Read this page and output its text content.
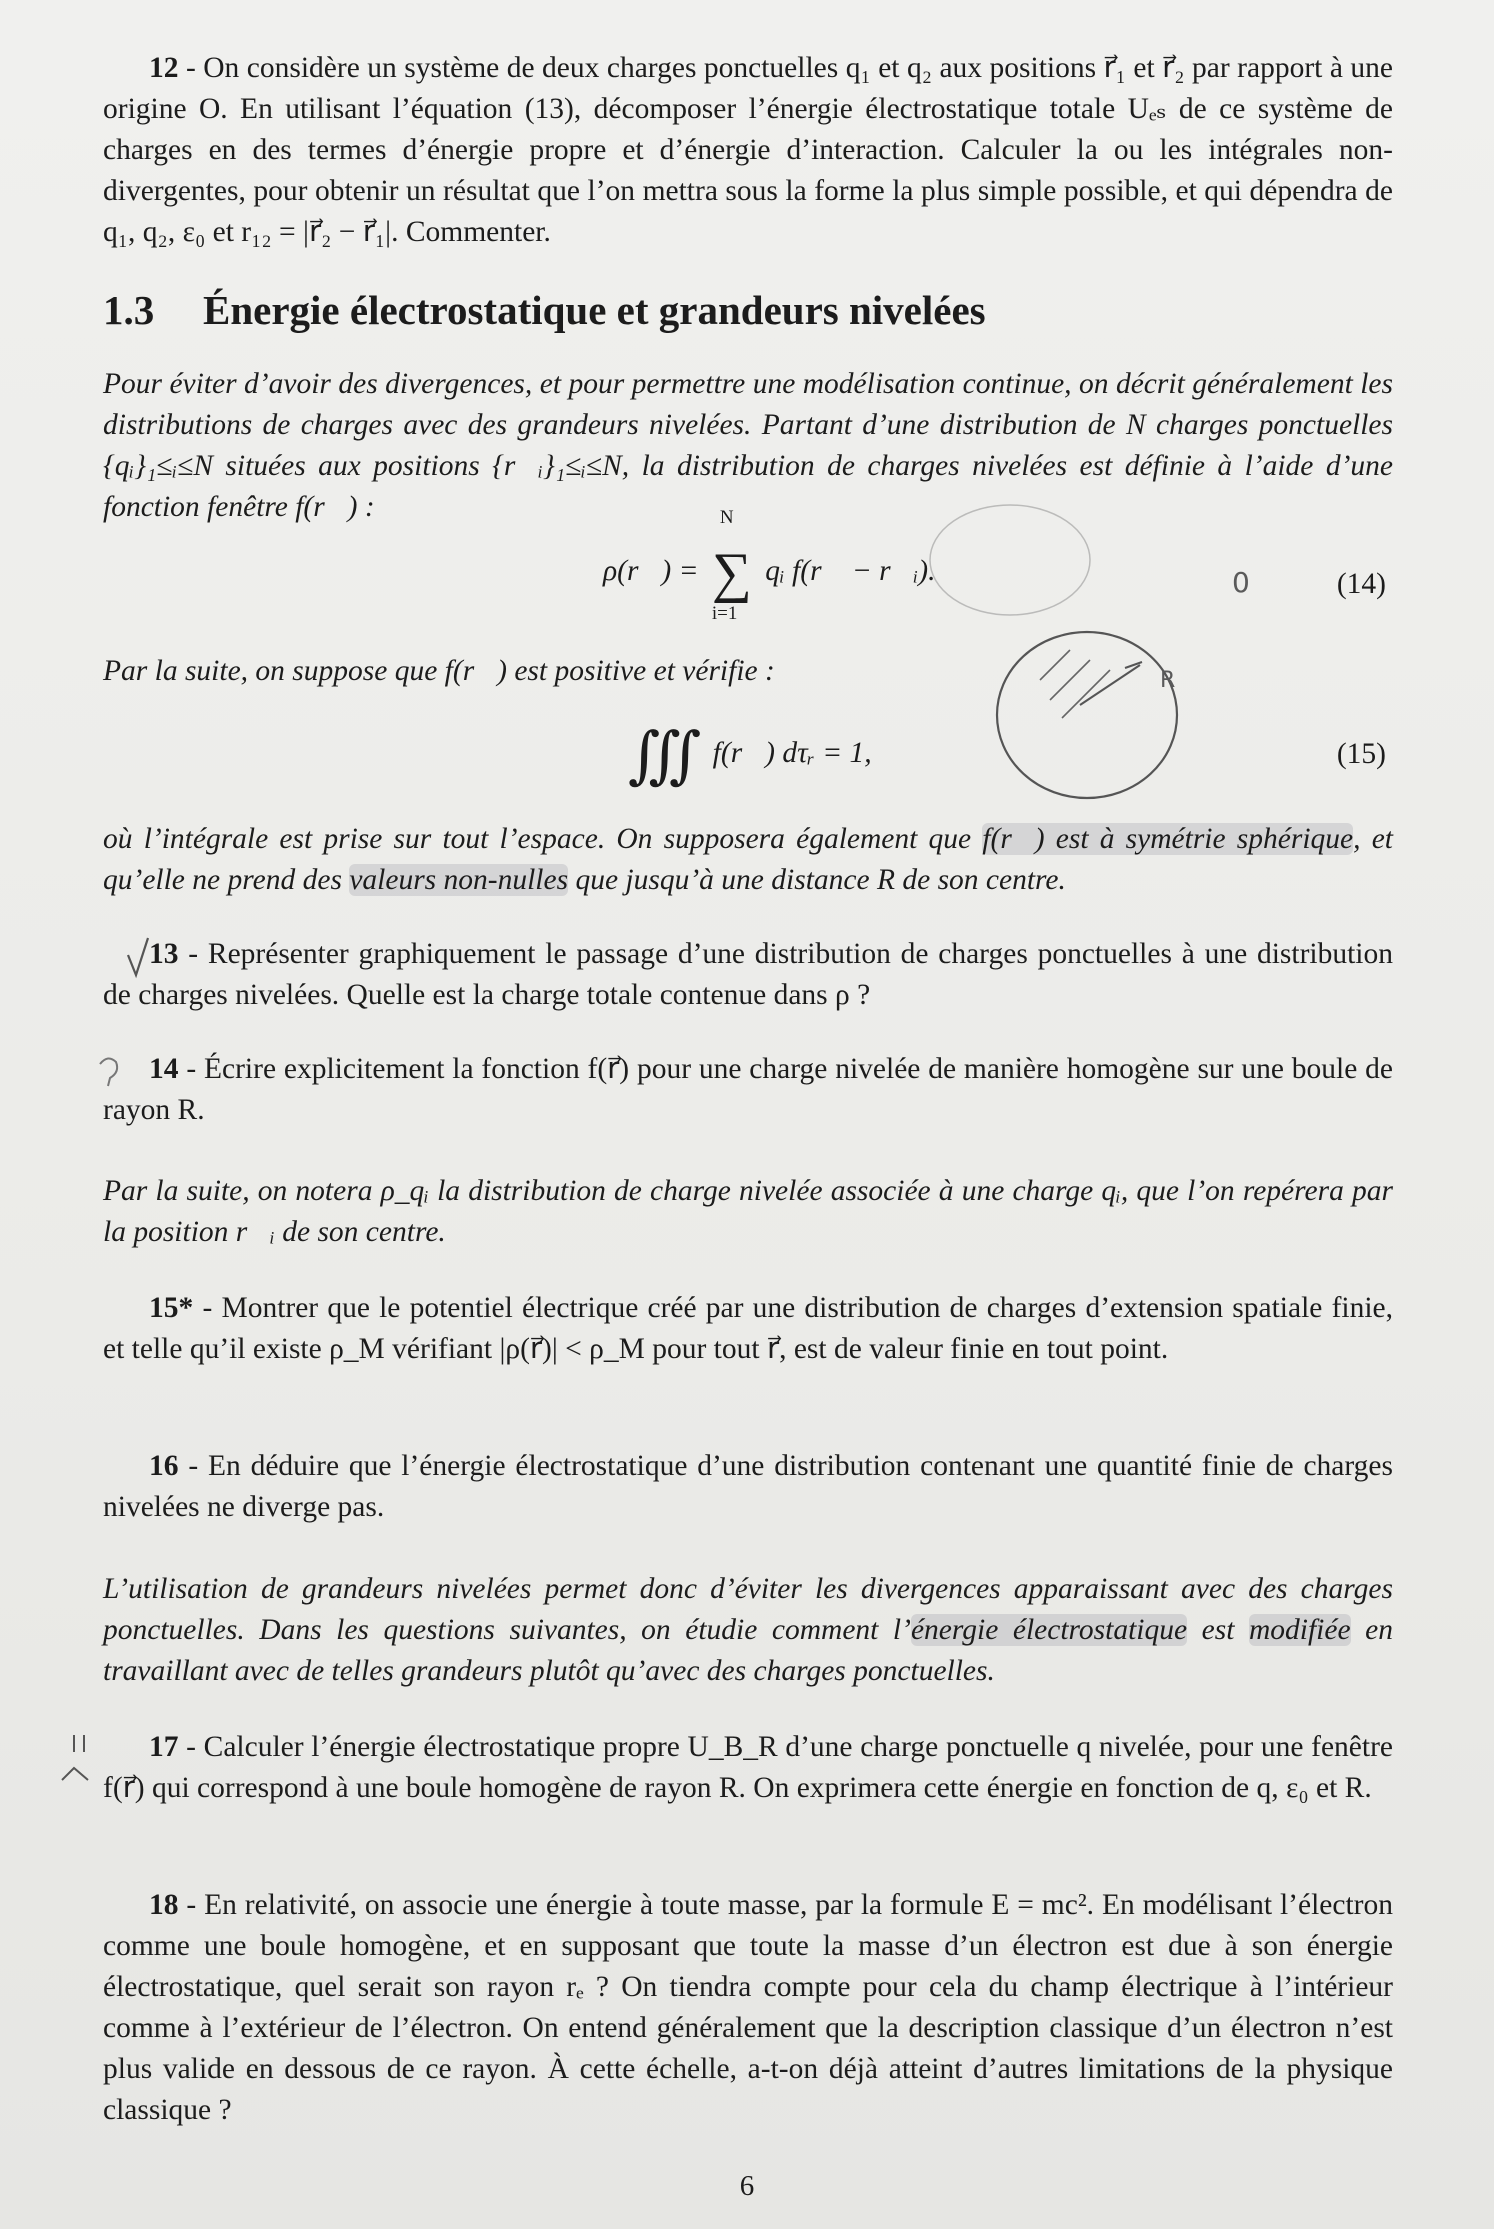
12 - On considère un système de deux charges ponctuelles q₁ et q₂ aux positions r⃗₁ et r⃗₂ par rapport à une origine O. En utilisant l’équation (13), décomposer l’énergie électrostatique totale Uₑₛ de ce système de charges en des termes d’énergie propre et d’énergie d’interaction. Calculer la ou les intégrales non-divergentes, pour obtenir un résultat que l’on mettra sous la forme la plus simple possible, et qui dépendra de q₁, q₂, ε₀ et r₁₂ = |r⃗₂ − r⃗₁|. Commenter.

1.3 Énergie électrostatique et grandeurs nivelées

Pour éviter d’avoir des divergences, et pour permettre une modélisation continue, on décrit généralement les distributions de charges avec des grandeurs nivelées. Partant d’une distribution de N charges ponctuelles {qᵢ}₁≤ᵢ≤N situées aux positions {r⃗ᵢ}₁≤ᵢ≤N, la distribution de charges nivelées est définie à l’aide d’une fonction fenêtre f(r⃗) :

ρ(r⃗) =
N
∑
i=1
qᵢ f(r⃗ − r⃗ᵢ).	(14)

Par la suite, on suppose que f(r⃗) est positive et vérifie :

∭ f(r⃗) dτᵣ = 1,	(15)

où l’intégrale est prise sur tout l’espace. On supposera également que f(r⃗) est à symétrie sphérique, et qu’elle ne prend des valeurs non-nulles que jusqu’à une distance R de son centre.

13 - Représenter graphiquement le passage d’une distribution de charges ponctuelles à une distribution de charges nivelées. Quelle est la charge totale contenue dans ρ ?

14 - Écrire explicitement la fonction f(r⃗) pour une charge nivelée de manière homogène sur une boule de rayon R.

Par la suite, on notera ρ_qᵢ la distribution de charge nivelée associée à une charge qᵢ, que l’on repérera par la position r⃗ᵢ de son centre.

15* - Montrer que le potentiel électrique créé par une distribution de charges d’extension spatiale finie, et telle qu’il existe ρ_M vérifiant |ρ(r⃗)| < ρ_M pour tout r⃗, est de valeur finie en tout point.

16 - En déduire que l’énergie électrostatique d’une distribution contenant une quantité finie de charges nivelées ne diverge pas.

L’utilisation de grandeurs nivelées permet donc d’éviter les divergences apparaissant avec des charges ponctuelles. Dans les questions suivantes, on étudie comment l’énergie électrostatique est modifiée en travaillant avec de telles grandeurs plutôt qu’avec des charges ponctuelles.

17 - Calculer l’énergie électrostatique propre U_B_R d’une charge ponctuelle q nivelée, pour une fenêtre f(r⃗) qui correspond à une boule homogène de rayon R. On exprimera cette énergie en fonction de q, ε₀ et R.

18 - En relativité, on associe une énergie à toute masse, par la formule E = mc². En modélisant l’électron comme une boule homogène, et en supposant que toute la masse d’un électron est due à son énergie électrostatique, quel serait son rayon rₑ ? On tiendra compte pour cela du champ électrique à l’intérieur comme à l’extérieur de l’électron. On entend généralement que la description classique d’un électron n’est plus valide en dessous de ce rayon. À cette échelle, a-t-on déjà atteint d’autres limitations de la physique classique ?

6
0
R
